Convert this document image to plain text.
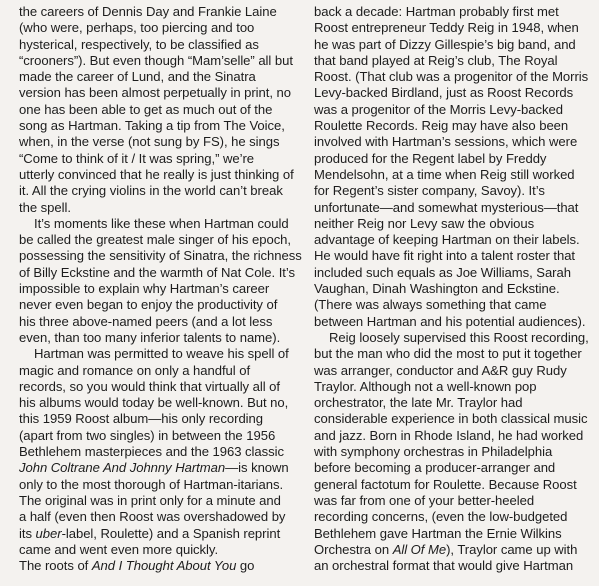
the careers of Dennis Day and Frankie Laine
(who were, perhaps, too piercing and too
hysterical, respectively, to be classified as
“crooners”). But even though “Mam’selle” all but
made the career of Lund, and the Sinatra
version has been almost perpetually in print, no
one has been able to get as much out of the
song as Hartman. Taking a tip from The Voice,
when, in the verse (not sung by FS), he sings
“Come to think of it / It was spring,” we’re
utterly convinced that he really is just thinking of
it. All the crying violins in the world can’t break
the spell.
It’s moments like these when Hartman could
be called the greatest male singer of his epoch,
possessing the sensitivity of Sinatra, the richness
of Billy Eckstine and the warmth of Nat Cole. It’s
impossible to explain why Hartman’s career
never even began to enjoy the productivity of
his three above-named peers (and a lot less
even, than too many inferior talents to name).
Hartman was permitted to weave his spell of
magic and romance on only a handful of
records, so you would think that virtually all of
his albums would today be well-known. But no,
this 1959 Roost album—his only recording
(apart from two singles) in between the 1956
Bethlehem masterpieces and the 1963 classic
John Coltrane And Johnny Hartman—is known
only to the most thorough of Hartman-itarians.
The original was in print only for a minute and
a half (even then Roost was overshadowed by
its uber-label, Roulette) and a Spanish reprint
came and went even more quickly.
The roots of And I Thought About You go
back a decade: Hartman probably first met
Roost entrepreneur Teddy Reig in 1948, when
he was part of Dizzy Gillespie’s big band, and
that band played at Reig’s club, The Royal
Roost. (That club was a progenitor of the Morris
Levy-backed Birdland, just as Roost Records
was a progenitor of the Morris Levy-backed
Roulette Records. Reig may have also been
involved with Hartman’s sessions, which were
produced for the Regent label by Freddy
Mendelsohn, at a time when Reig still worked
for Regent’s sister company, Savoy). It’s
unfortunate—and somewhat mysterious—that
neither Reig nor Levy saw the obvious
advantage of keeping Hartman on their labels.
He would have fit right into a talent roster that
included such equals as Joe Williams, Sarah
Vaughan, Dinah Washington and Eckstine.
(There was always something that came
between Hartman and his potential audiences).
Reig loosely supervised this Roost recording,
but the man who did the most to put it together
was arranger, conductor and A&R guy Rudy
Traylor. Although not a well-known pop
orchestrator, the late Mr. Traylor had
considerable experience in both classical music
and jazz. Born in Rhode Island, he had worked
with symphony orchestras in Philadelphia
before becoming a producer-arranger and
general factotum for Roulette. Because Roost
was far from one of your better-heeled
recording concerns, (even the low-budgeted
Bethlehem gave Hartman the Ernie Wilkins
Orchestra on All Of Me), Traylor came up with
an orchestral format that would give Hartman
